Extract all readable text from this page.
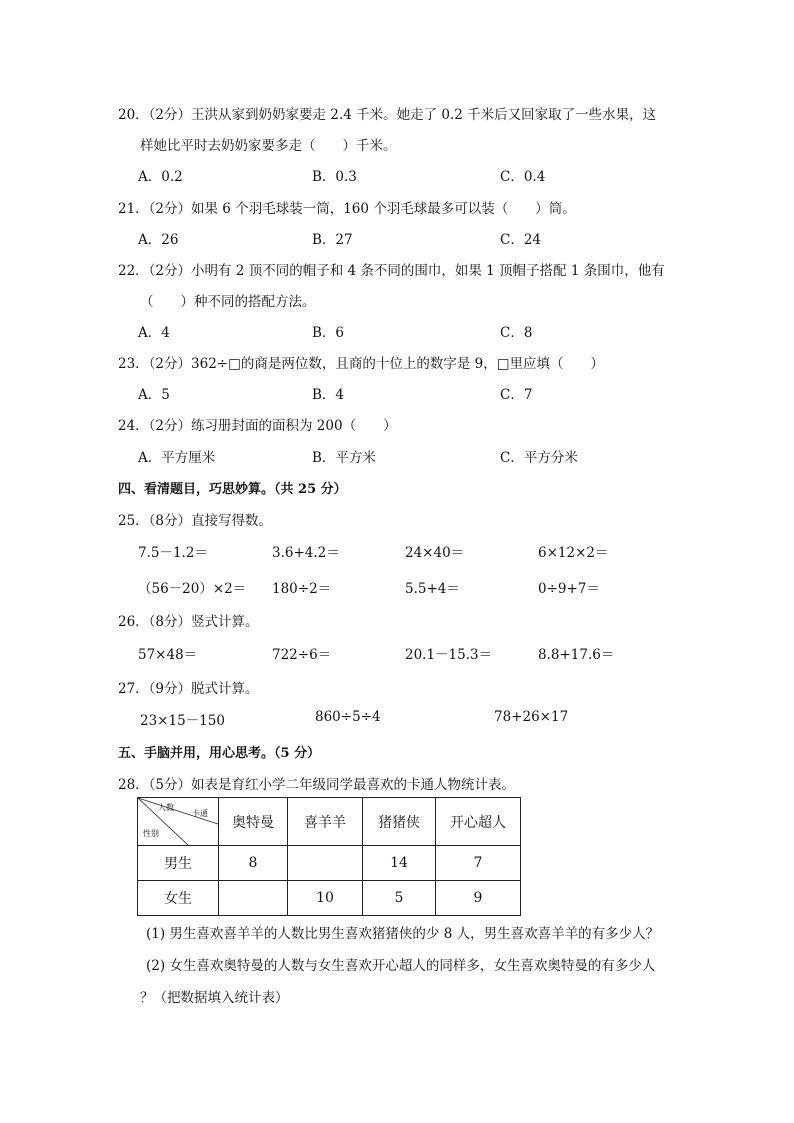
20．（2分）王洪从家到奶奶家要走 2.4 千米。她走了 0.2 千米后又回家取了一些水果，这
样她比平时去奶奶家要多走（　　）千米。
A．0.2	B．0.3	C．0.4
21．（2分）如果 6 个羽毛球装一筒，160 个羽毛球最多可以装（　　）筒。
A．26	B．27	C．24
22．（2分）小明有 2 顶不同的帽子和 4 条不同的围巾，如果 1 顶帽子搭配 1 条围巾，他有
（　　）种不同的搭配方法。
A．4	B．6	C．8
23．（2分）362÷□的商是两位数，且商的十位上的数字是 9，□里应填（　　）
A．5	B．4	C．7
24．（2分）练习册封面的面积为 200（　　）
A．平方厘米	B．平方米	C．平方分米
四、看清题目，巧思妙算。（共 25 分）
25．（8分）直接写得数。
7.5－1.2＝	3.6+4.2＝	24×40＝	6×12×2＝
（56－20）×2＝ 180÷2＝	5.5+4＝	0÷9+7＝
26．（8分）竖式计算。
57×48＝	722÷6＝	20.1－15.3＝	8.8+17.6＝
27．（9分）脱式计算。
23×15－150	860÷5÷4	78+26×17
五、手脑并用，用心思考。（5 分）
28．（5分）如表是育红小学二年级同学最喜欢的卡通人物统计表。
人数
卡通
性别	奥特曼	喜羊羊	猪猪侠	开心超人
男生	8		14	7
女生		10	5	9
(1) 男生喜欢喜羊羊的人数比男生喜欢猪猪侠的少 8 人，男生喜欢喜羊羊的有多少人？
(2) 女生喜欢奥特曼的人数与女生喜欢开心超人的同样多，女生喜欢奥特曼的有多少人
？（把数据填入统计表）
